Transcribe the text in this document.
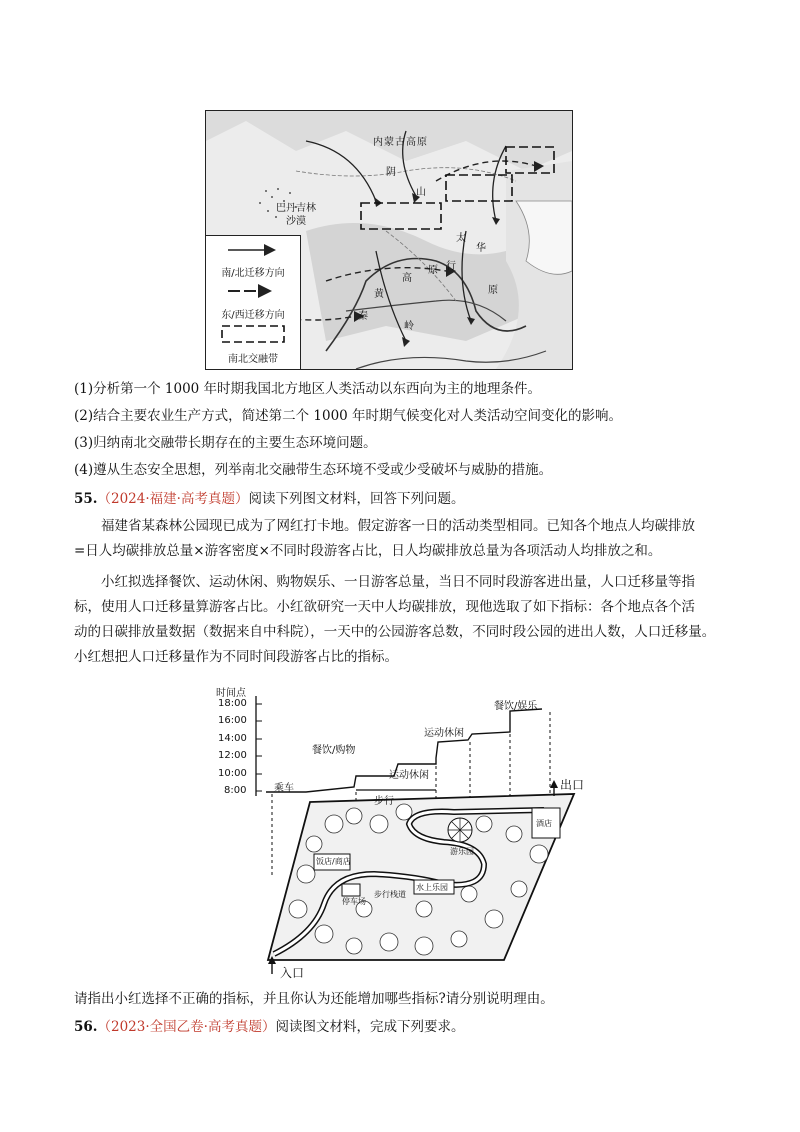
内蒙古高原
阴
山
巴丹吉林
沙漠
太
华
行
高
原
黄	原
秦
岭
南/北迁移方向
东/西迁移方向
南北交融带
(1)分析第一个 1000 年时期我国北方地区人类活动以东西向为主的地理条件。
(2)结合主要农业生产方式，简述第二个 1000 年时期气候变化对人类活动空间变化的影响。
(3)归纳南北交融带长期存在的主要生态环境问题。
(4)遵从生态安全思想，列举南北交融带生态环境不受或少受破坏与威胁的措施。
55.（2024·福建·高考真题）阅读下列图文材料，回答下列问题。
福建省某森林公园现已成为了网红打卡地。假定游客一日的活动类型相同。已知各个地点人均碳排放
=日人均碳排放总量×游客密度×不同时段游客占比，日人均碳排放总量为各项活动人均排放之和。
小红拟选择餐饮、运动休闲、购物娱乐、一日游客总量，当日不同时段游客进出量，人口迁移量等指
标，使用人口迁移量算游客占比。小红欲研究一天中人均碳排放，现他选取了如下指标：各个地点各个活
动的日碳排放量数据（数据来自中科院），一天中的公园游客总数，不同时段公园的进出人数，人口迁移量。
小红想把人口迁移量作为不同时间段游客占比的指标。
时间点
18:00
16:00
14:00
12:00
10:00
8:00	乘车
步行
运动休闲
餐饮/购物
运动休闲
餐饮/娱乐
入口
出口
饭店/商店
停车场
步行栈道
水上乐园
游乐园
酒店
请指出小红选择不正确的指标，并且你认为还能增加哪些指标?请分别说明理由。
56.（2023·全国乙卷·高考真题）阅读图文材料，完成下列要求。
